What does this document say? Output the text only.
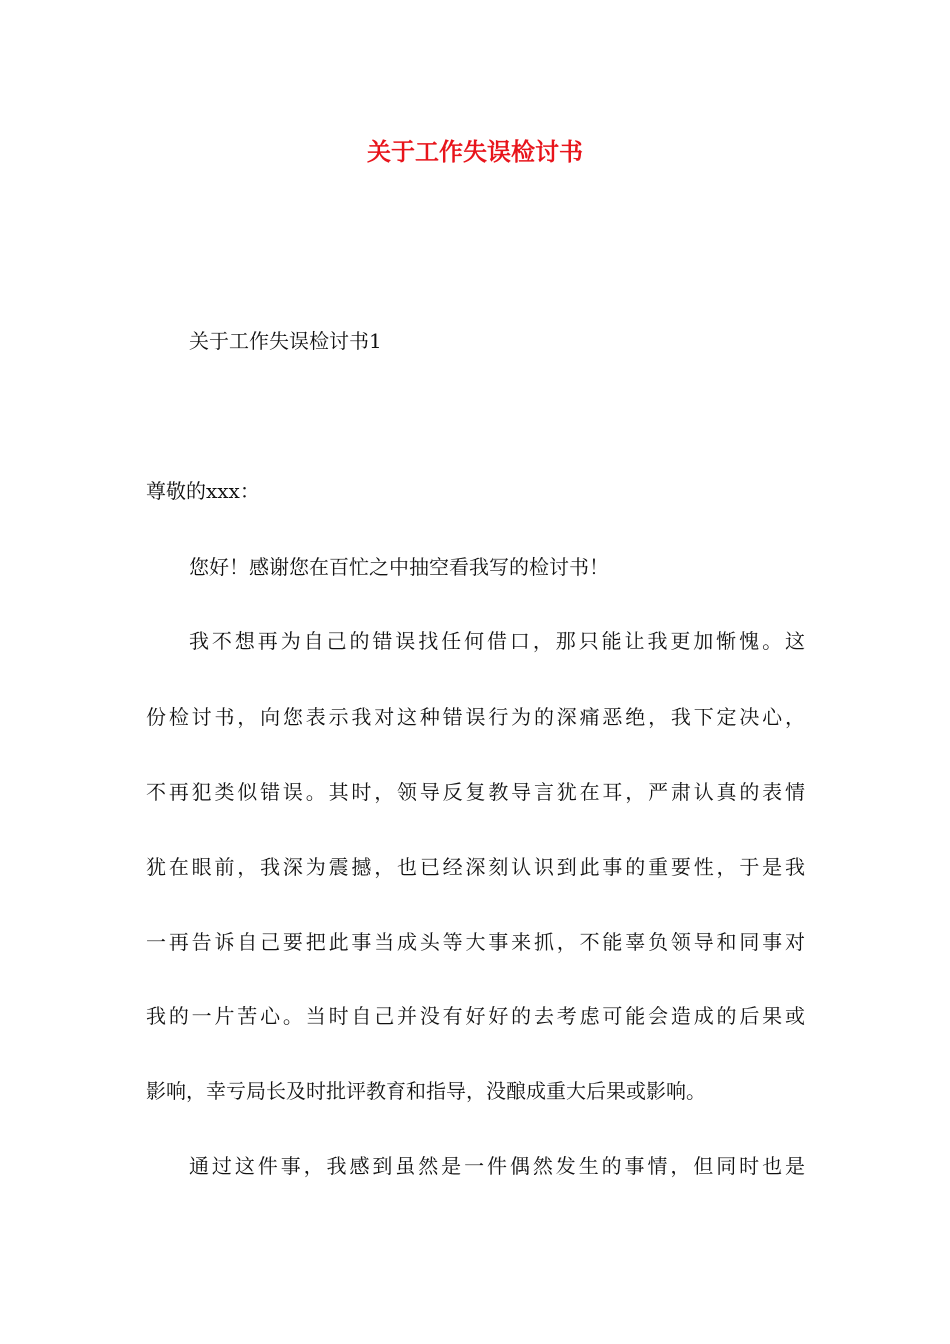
关于工作失误检讨书

关于工作失误检讨书1

尊敬的xxx：

您好！感谢您在百忙之中抽空看我写的检讨书！

我不想再为自己的错误找任何借口，那只能让我更加惭愧。这

份检讨书，向您表示我对这种错误行为的深痛恶绝，我下定决心，

不再犯类似错误。其时，领导反复教导言犹在耳，严肃认真的表情

犹在眼前，我深为震撼，也已经深刻认识到此事的重要性，于是我

一再告诉自己要把此事当成头等大事来抓，不能辜负领导和同事对

我的一片苦心。当时自己并没有好好的去考虑可能会造成的后果或

影响，幸亏局长及时批评教育和指导，没酿成重大后果或影响。

通过这件事，我感到虽然是一件偶然发生的事情，但同时也是
